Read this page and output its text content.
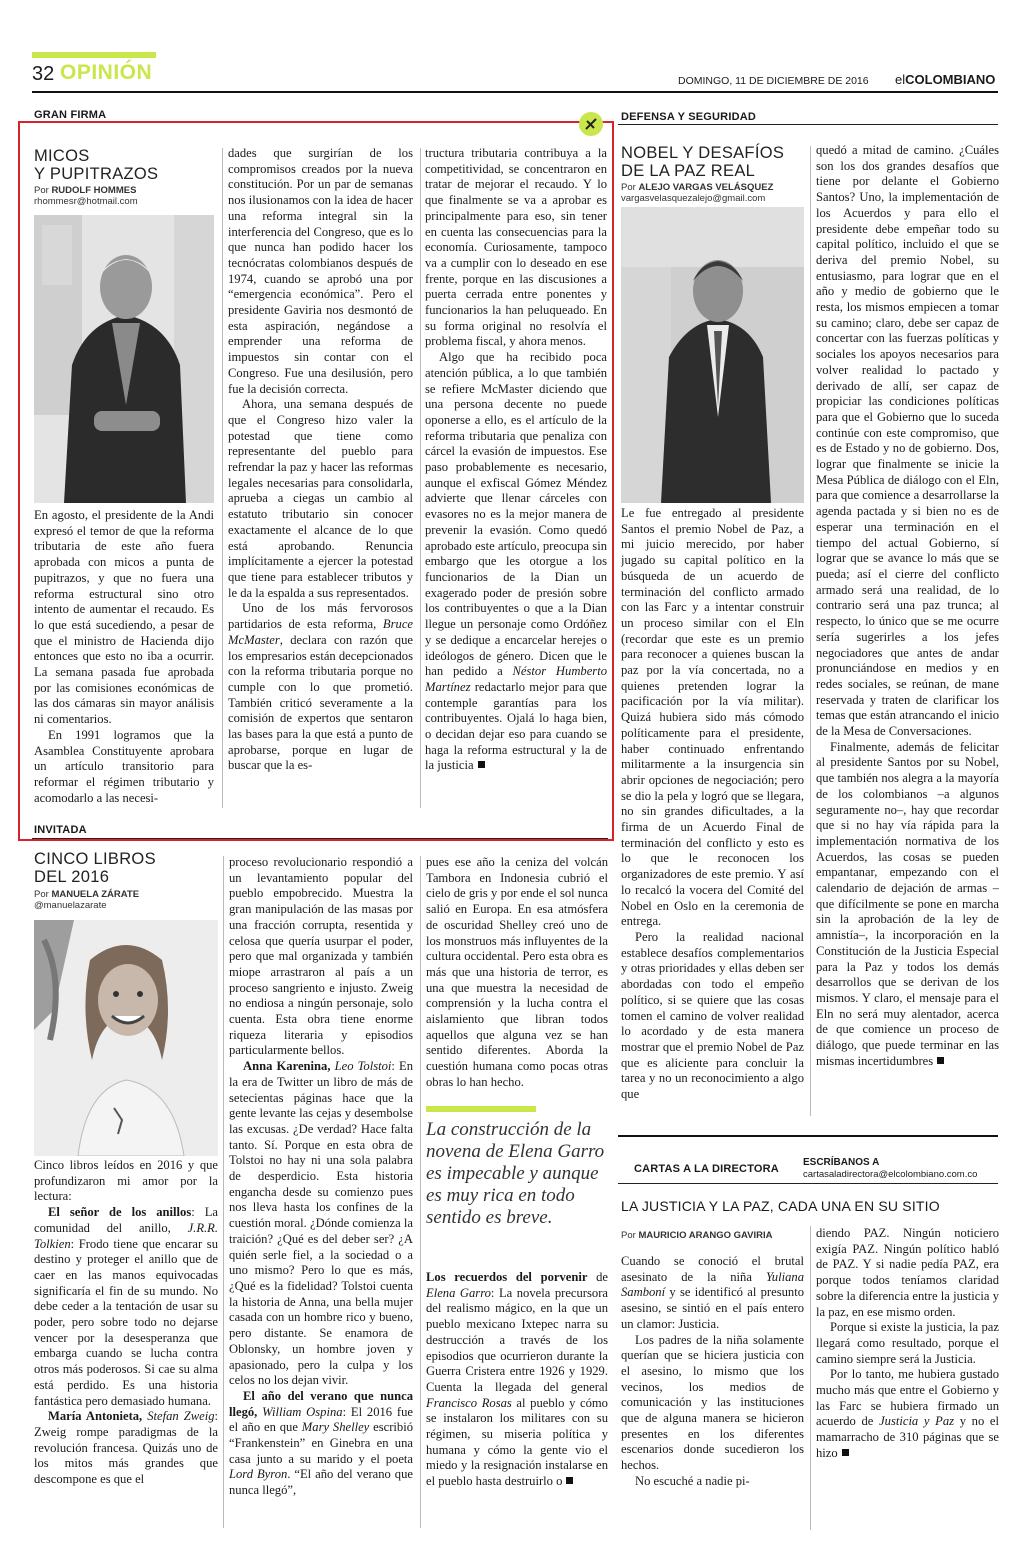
32 OPINIÓN	DOMINGO, 11 DE DICIEMBRE DE 2016 elCOLOMBIANO
GRAN FIRMA
MICOS
Y PUPITRAZOS
Por RUDOLF HOMMES
rhommesr@hotmail.com

En agosto, el presidente de la Andi expresó el temor de que la reforma tributaria de este año fuera aprobada con micos a punta de pupitrazos, y que no fuera una reforma estructural sino otro intento de aumentar el recaudo. Es lo que está sucediendo, a pesar de que el ministro de Hacienda dijo entonces que esto no iba a ocurrir. La semana pasada fue aprobada por las comisiones económicas de las dos cámaras sin mayor análisis ni comentarios.

En 1991 logramos que la Asamblea Constituyente aprobara un artículo transitorio para reformar el régimen tributario y acomodarlo a las necesi-

dades que surgirían de los compromisos creados por la nueva constitución. Por un par de semanas nos ilusionamos con la idea de hacer una reforma integral sin la interferencia del Congreso, que es lo que nunca han podido hacer los tecnócratas colombianos después de 1974, cuando se aprobó una por “emergencia económica”. Pero el presidente Gaviria nos desmontó de esta aspiración, negándose a emprender una reforma de impuestos sin contar con el Congreso. Fue una desilusión, pero fue la decisión correcta.

Ahora, una semana después de que el Congreso hizo valer la potestad que tiene como representante del pueblo para refrendar la paz y hacer las reformas legales necesarias para consolidarla, aprueba a ciegas un cambio al estatuto tributario sin conocer exactamente el alcance de lo que está aprobando. Renuncia implícitamente a ejercer la potestad que tiene para establecer tributos y le da la espalda a sus representados.

Uno de los más fervorosos partidarios de esta reforma, Bruce McMaster, declara con razón que los empresarios están decepcionados con la reforma tributaria porque no cumple con lo que prometió. También criticó severamente a la comisión de expertos que sentaron las bases para la que está a punto de aprobarse, porque en lugar de buscar que la es-

tructura tributaria contribuya a la competitividad, se concentraron en tratar de mejorar el recaudo. Y lo que finalmente se va a aprobar es principalmente para eso, sin tener en cuenta las consecuencias para la economía. Curiosamente, tampoco va a cumplir con lo deseado en ese frente, porque en las discusiones a puerta cerrada entre ponentes y funcionarios la han peluqueado. En su forma original no resolvía el problema fiscal, y ahora menos.

Algo que ha recibido poca atención pública, a lo que también se refiere McMaster diciendo que una persona decente no puede oponerse a ello, es el artículo de la reforma tributaria que penaliza con cárcel la evasión de impuestos. Ese paso probablemente es necesario, aunque el exfiscal Gómez Méndez advierte que llenar cárceles con evasores no es la mejor manera de prevenir la evasión. Como quedó aprobado este artículo, preocupa sin embargo que les otorgue a los funcionarios de la Dian un exagerado poder de presión sobre los contribuyentes o que a la Dian llegue un personaje como Ordóñez y se dedique a encarcelar herejes o ideólogos de género. Dicen que le han pedido a Néstor Humberto Martínez redactarlo mejor para que contemple garantías para los contribuyentes. Ojalá lo haga bien, o decidan dejar eso para cuando se haga la reforma estructural y la de la justicia

DEFENSA Y SEGURIDAD
NOBEL Y DESAFÍOS
DE LA PAZ REAL
Por ALEJO VARGAS VELÁSQUEZ
vargasvelasquezalejo@gmail.com

Le fue entregado al presidente Santos el premio Nobel de Paz, a mi juicio merecido, por haber jugado su capital político en la búsqueda de un acuerdo de terminación del conflicto armado con las Farc y a intentar construir un proceso similar con el Eln (recordar que este es un premio para reconocer a quienes buscan la paz por la vía concertada, no a quienes pretenden lograr la pacificación por la vía militar). Quizá hubiera sido más cómodo políticamente para el presidente, haber continuado enfrentando militarmente a la insurgencia sin abrir opciones de negociación; pero se dio la pela y logró que se llegara, no sin grandes dificultades, a la firma de un Acuerdo Final de terminación del conflicto y esto es lo que le reconocen los organizadores de este premio. Y así lo recalcó la vocera del Comité del Nobel en Oslo en la ceremonia de entrega.

Pero la realidad nacional establece desafíos complementarios y otras prioridades y ellas deben ser abordadas con todo el empeño político, si se quiere que las cosas tomen el camino de volver realidad lo acordado y de esta manera mostrar que el premio Nobel de Paz que es aliciente para concluir la tarea y no un reconocimiento a algo que

quedó a mitad de camino. ¿Cuáles son los dos grandes desafíos que tiene por delante el Gobierno Santos? Uno, la implementación de los Acuerdos y para ello el presidente debe empeñar todo su capital político, incluido el que se deriva del premio Nobel, su entusiasmo, para lograr que en el año y medio de gobierno que le resta, los mismos empiecen a tomar su camino; claro, debe ser capaz de concertar con las fuerzas políticas y sociales los apoyos necesarios para volver realidad lo pactado y derivado de allí, ser capaz de propiciar las condiciones políticas para que el Gobierno que lo suceda continúe con este compromiso, que es de Estado y no de gobierno. Dos, lograr que finalmente se inicie la Mesa Pública de diálogo con el Eln, para que comience a desarrollarse la agenda pactada y si bien no es de esperar una terminación en el tiempo del actual Gobierno, sí lograr que se avance lo más que se pueda; así el cierre del conflicto armado será una realidad, de lo contrario será una paz trunca; al respecto, lo único que se me ocurre sería sugerirles a los jefes negociadores que antes de andar pronunciándose en medios y en redes sociales, se reúnan, de mane reservada y traten de clarificar los temas que están atrancando el inicio de la Mesa de Conversaciones.

Finalmente, además de felicitar al presidente Santos por su Nobel, que también nos alegra a la mayoría de los colombianos –a algunos seguramente no–, hay que recordar que si no hay vía rápida para la implementación normativa de los Acuerdos, las cosas se pueden empantanar, empezando con el calendario de dejación de armas –que difícilmente se pone en marcha sin la aprobación de la ley de amnistía–, la incorporación en la Constitución de la Justicia Especial para la Paz y todos los demás desarrollos que se derivan de los mismos. Y claro, el mensaje para el Eln no será muy alentador, acerca de que comience un proceso de diálogo, que puede terminar en las mismas incertidumbres

INVITADA
CINCO LIBROS
DEL 2016
Por MANUELA ZÁRATE
@manuelazarate

Cinco libros leídos en 2016 y que profundizaron mi amor por la lectura:

El señor de los anillos: La comunidad del anillo, J.R.R. Tolkien: Frodo tiene que encarar su destino y proteger el anillo que de caer en las manos equivocadas significaría el fin de su mundo. No debe ceder a la tentación de usar su poder, pero sobre todo no dejarse vencer por la desesperanza que embarga cuando se lucha contra otros más poderosos. Si cae su alma está perdido. Es una historia fantástica pero demasiado humana.

María Antonieta, Stefan Zweig: Zweig rompe paradigmas de la revolución francesa. Quizás uno de los mitos más grandes que descompone es que el

proceso revolucionario respondió a un levantamiento popular del pueblo empobrecido. Muestra la gran manipulación de las masas por una fracción corrupta, resentida y celosa que quería usurpar el poder, pero que mal organizada y también miope arrastraron al país a un proceso sangriento e injusto. Zweig no endiosa a ningún personaje, solo cuenta. Esta obra tiene enorme riqueza literaria y episodios particularmente bellos.

Anna Karenina, Leo Tolstoi: En la era de Twitter un libro de más de setecientas páginas hace que la gente levante las cejas y desembolse las excusas. ¿De verdad? Hace falta tanto. Sí. Porque en esta obra de Tolstoi no hay ni una sola palabra de desperdicio. Esta historia engancha desde su comienzo pues nos lleva hasta los confines de la cuestión moral. ¿Dónde comienza la traición? ¿Qué es del deber ser? ¿A quién serle fiel, a la sociedad o a uno mismo? Pero lo que es más, ¿Qué es la fidelidad? Tolstoi cuenta la historia de Anna, una bella mujer casada con un hombre rico y bueno, pero distante. Se enamora de Oblonsky, un hombre joven y apasionado, pero la culpa y los celos no los dejan vivir.

El año del verano que nunca llegó, William Ospina: El 2016 fue el año en que Mary Shelley escribió “Frankenstein” en Ginebra en una casa junto a su marido y el poeta Lord Byron. “El año del verano que nunca llegó”,

pues ese año la ceniza del volcán Tambora en Indonesia cubrió el cielo de gris y por ende el sol nunca salió en Europa. En esa atmósfera de oscuridad Shelley creó uno de los monstruos más influyentes de la cultura occidental. Pero esta obra es más que una historia de terror, es una que muestra la necesidad de comprensión y la lucha contra el aislamiento que libran todos aquellos que alguna vez se han sentido diferentes. Aborda la cuestión humana como pocas otras obras lo han hecho.

La construcción de la novena de Elena Garro es impecable y aunque es muy rica en todo sentido es breve.

Los recuerdos del porvenir de Elena Garro: La novela precursora del realismo mágico, en la que un pueblo mexicano Ixtepec narra su destrucción a través de los episodios que ocurrieron durante la Guerra Cristera entre 1926 y 1929. Cuenta la llegada del general Francisco Rosas al pueblo y cómo se instalaron los militares con su régimen, su miseria política y humana y cómo la gente vio el miedo y la resignación instalarse en el pueblo hasta destruirlo o

CARTAS A LA DIRECTORA
ESCRÍBANOS A
cartasaladirectora@elcolombiano.com.co
LA JUSTICIA Y LA PAZ, CADA UNA EN SU SITIO
Por MAURICIO ARANGO GAVIRIA

Cuando se conoció el brutal asesinato de la niña Yuliana Samboní y se identificó al presunto asesino, se sintió en el país entero un clamor: Justicia.

Los padres de la niña solamente querían que se hiciera justicia con el asesino, lo mismo que los vecinos, los medios de comunicación y las instituciones que de alguna manera se hicieron presentes en los diferentes escenarios donde sucedieron los hechos.

No escuché a nadie pi-

diendo PAZ. Ningún noticiero exigía PAZ. Ningún político habló de PAZ. Y si nadie pedía PAZ, era porque todos teníamos claridad sobre la diferencia entre la justicia y la paz, en ese mismo orden.

Porque si existe la justicia, la paz llegará como resultado, porque el camino siempre será la Justicia.

Por lo tanto, me hubiera gustado mucho más que entre el Gobierno y las Farc se hubiera firmado un acuerdo de Justicia y Paz y no el mamarracho de 310 páginas que se hizo
